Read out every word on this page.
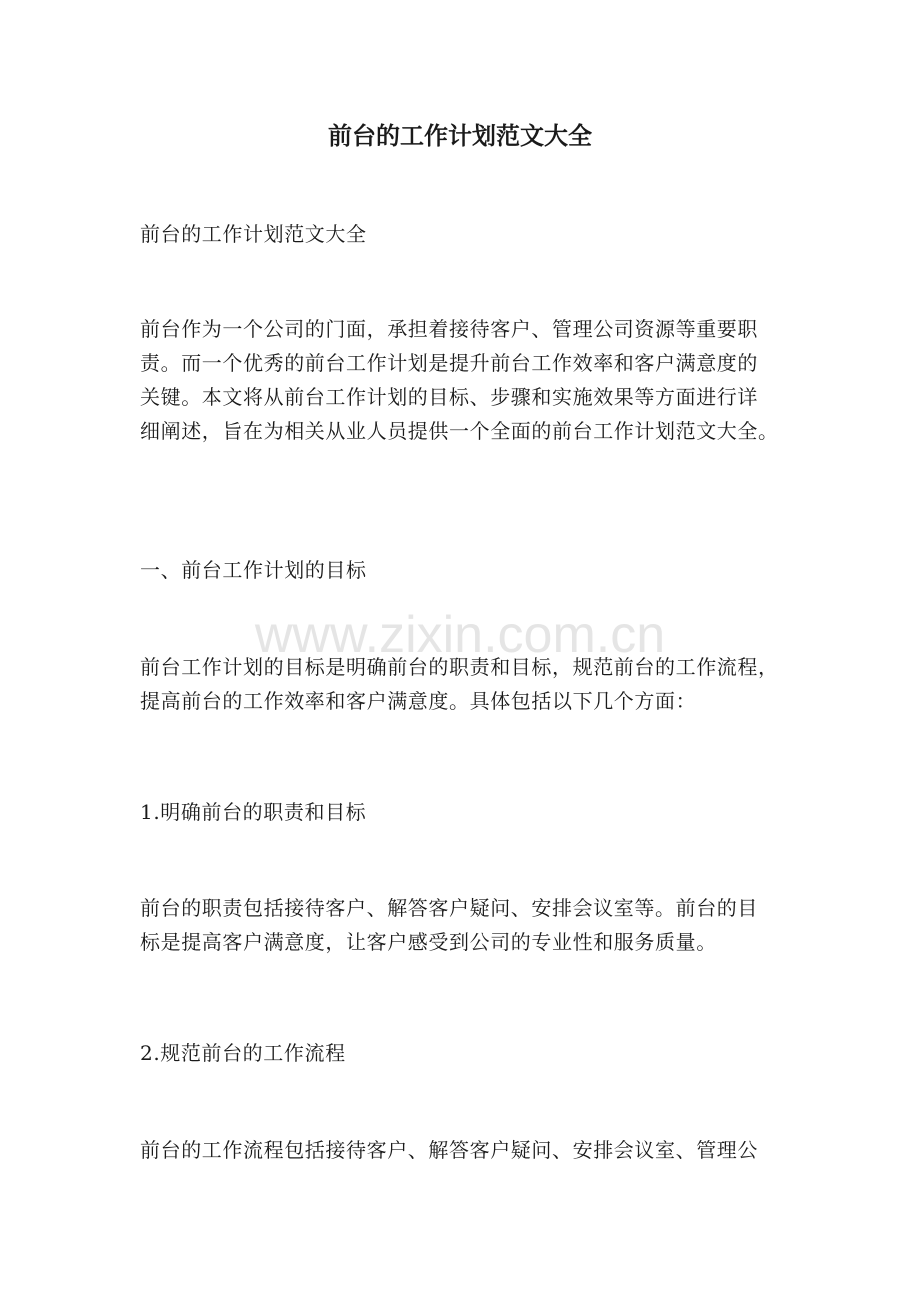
前台的工作计划范文大全

前台的工作计划范文大全

前台作为一个公司的门面，承担着接待客户、管理公司资源等重要职
责。而一个优秀的前台工作计划是提升前台工作效率和客户满意度的
关键。本文将从前台工作计划的目标、步骤和实施效果等方面进行详
细阐述，旨在为相关从业人员提供一个全面的前台工作计划范文大全。

一、前台工作计划的目标

前台工作计划的目标是明确前台的职责和目标，规范前台的工作流程，
提高前台的工作效率和客户满意度。具体包括以下几个方面：

1.明确前台的职责和目标

前台的职责包括接待客户、解答客户疑问、安排会议室等。前台的目
标是提高客户满意度，让客户感受到公司的专业性和服务质量。

2.规范前台的工作流程

前台的工作流程包括接待客户、解答客户疑问、安排会议室、管理公
www.zixin.com.cn
